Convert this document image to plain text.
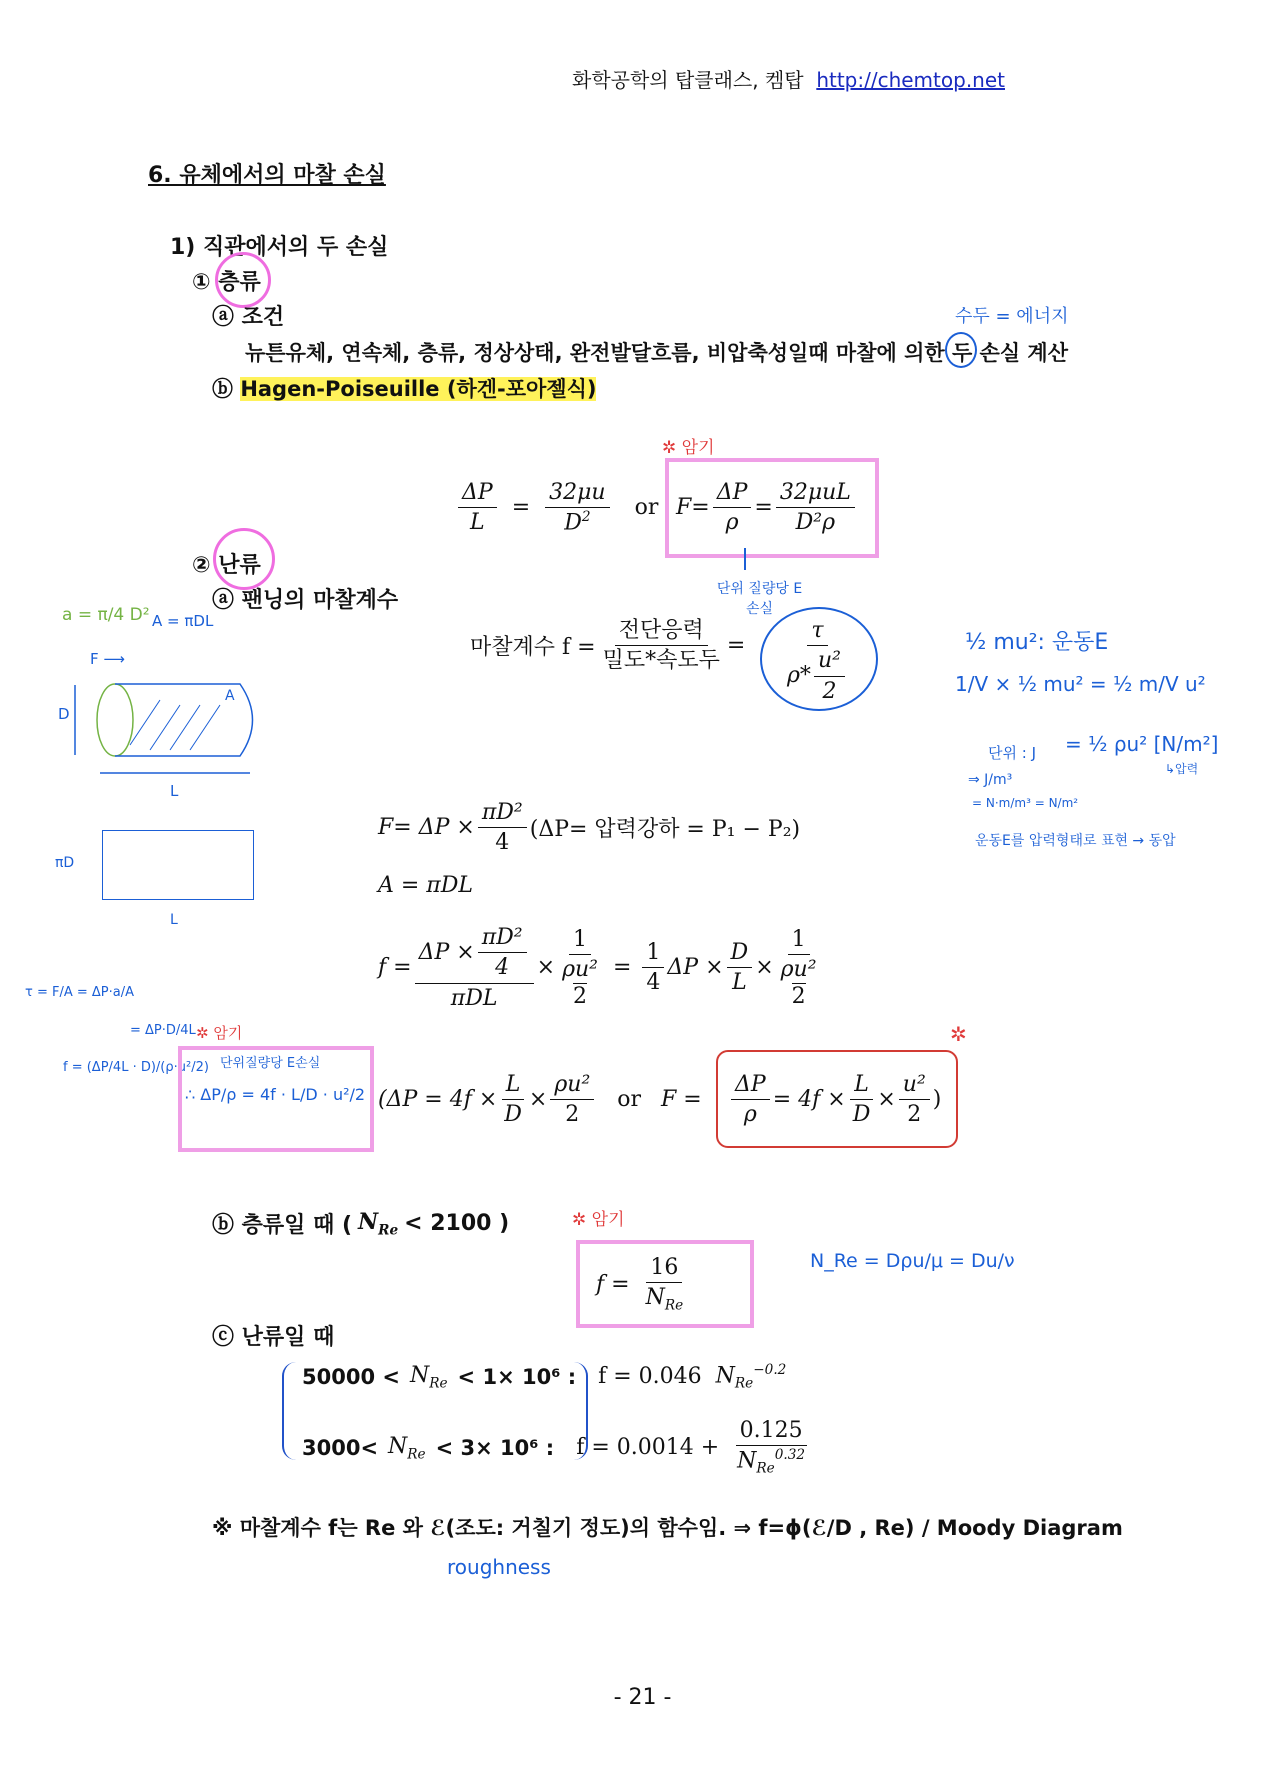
화학공학의 탑클래스, 켐탑 http://chemtop.net
6. 유체에서의 마찰 손실
1) 직관에서의 두 손실
① 층류
ⓐ 조건
뉴튼유체, 연속체, 층류, 정상상태, 완전발달흐름, 비압축성일때 마찰에 의한 두 손실 계산
ⓑ Hagen-Poiseuille (하겐-포아젤식)
수두 = 에너지
✲ 암기
$\frac{\Delta P}{L} = \frac{32\mu u}{D^2}$ or $F= \frac{\Delta P}{\rho} = \frac{\text{32μuL}}{\text{D²ρ}}$
단위 질량당 E 손실
② 난류
ⓐ 팬닝의 마찰계수
마찰계수 $f = \frac{\text{전단응력}}{\text{밀도*속도두}} = \frac{\tau}{\rho* \frac{\text{u²}}{2}}$	½ mu²: 운동E
1/V × ½ mu² = ½ m/V u²
단위 : J = ½ ρu² [N/m²]
↳압력
⇒ J/m³
= N·m/m³ = N/m²
운동E를 압력형태로 표현 → 동압
a = π/4 D² A = πDL
F ⟶
D
A
L
πD
L
τ = F/A = ΔP·a/A
= ΔP·D/4L ✲ 암기
f = (ΔP/4L · D)/(ρ·u²/2)
$F= \Delta P \times \frac{\text{πD²}}{4} (\Delta P=$ 압력강하 = P₁ − P₂)
A = πDL
$f = \frac{\Delta P \times \frac{\text{πD²}}{4}}{\text{πDL}} \times 1$
ρu²
$2 = \frac{1}{4}$ $\Delta P \times \frac{D}{L} \times 1$
ρu²
2
단위질량당 E손실
∴ ΔP/ρ = 4f · L/D · u²/2 ($\Delta P = 4f \times \frac{L}{D} \times \frac{\text{ρu²}}{2}$ or $F = \frac{\Delta P}{\rho} = 4f \times \frac{L}{D} \times \frac{\text{u²}}{2}$ )
✲
ⓑ 층류일 때 ( $N_{Re} < 2100$ )	✲ 암기
$f = \frac{16}{N_{Re}}$	N_Re = Dρu/μ = Du/ν
ⓒ 난류일 때
$50000 < N_{Re} < 1\times 10^6$ : f = 0.046 $N_{Re}^{-0.2}$
$3000< N_{Re} < 3\times 10^6$ : $f = 0.0014 + \frac{0.125}{N_{Re}^{0.32}}$
※ 마찰계수 f는 Re 와 ℰ(조도: 거칠기 정도)의 함수임. ⇒ f=ϕ(ℰ/D , Re) / Moody Diagram
roughness
- 21 -
